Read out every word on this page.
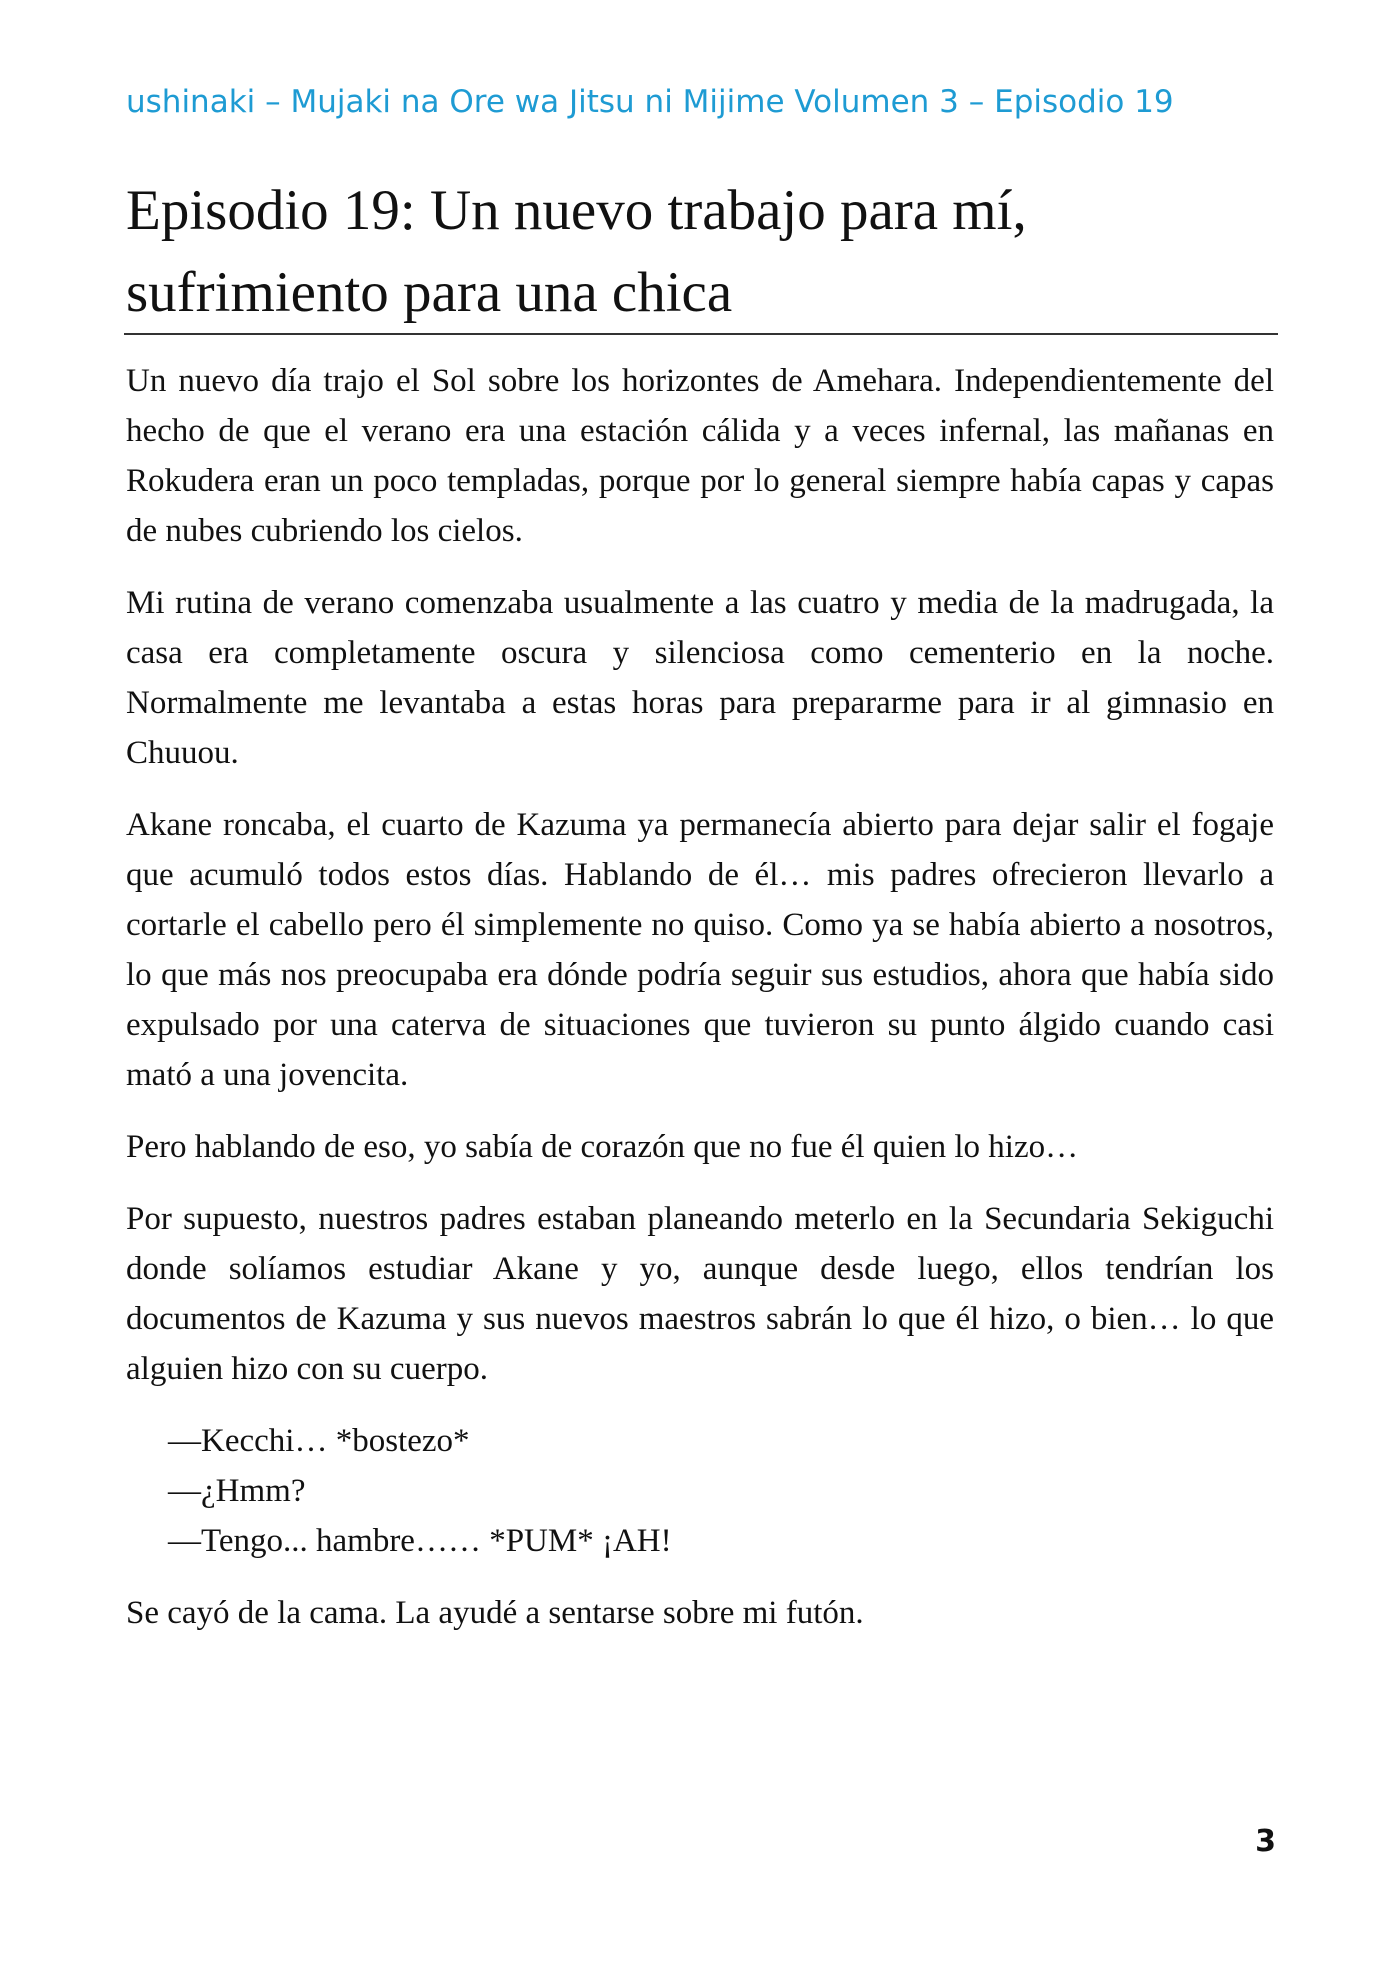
ushinaki – Mujaki na Ore wa Jitsu ni Mijime Volumen 3 – Episodio 19
Episodio 19: Un nuevo trabajo para mí, sufrimiento para una chica

Un nuevo día trajo el Sol sobre los horizontes de Amehara. Independientemente del hecho de que el verano era una estación cálida y a veces infernal, las mañanas en Rokudera eran un poco templadas, porque por lo general siempre había capas y capas de nubes cubriendo los cielos.

Mi rutina de verano comenzaba usualmente a las cuatro y media de la madrugada, la casa era completamente oscura y silenciosa como cementerio en la noche. Normalmente me levantaba a estas horas para prepararme para ir al gimnasio en Chuuou.

Akane roncaba, el cuarto de Kazuma ya permanecía abierto para dejar salir el fogaje que acumuló todos estos días. Hablando de él… mis padres ofrecieron llevarlo a cortarle el cabello pero él simplemente no quiso. Como ya se había abierto a nosotros, lo que más nos preocupaba era dónde podría seguir sus estudios, ahora que había sido expulsado por una caterva de situaciones que tuvieron su punto álgido cuando casi mató a una jovencita.

Pero hablando de eso, yo sabía de corazón que no fue él quien lo hizo…

Por supuesto, nuestros padres estaban planeando meterlo en la Secundaria Sekiguchi donde solíamos estudiar Akane y yo, aunque desde luego, ellos tendrían los documentos de Kazuma y sus nuevos maestros sabrán lo que él hizo, o bien… lo que alguien hizo con su cuerpo.

—Kecchi… *bostezo*

—¿Hmm?

—Tengo... hambre…… *PUM* ¡AH!

Se cayó de la cama. La ayudé a sentarse sobre mi futón.

3
